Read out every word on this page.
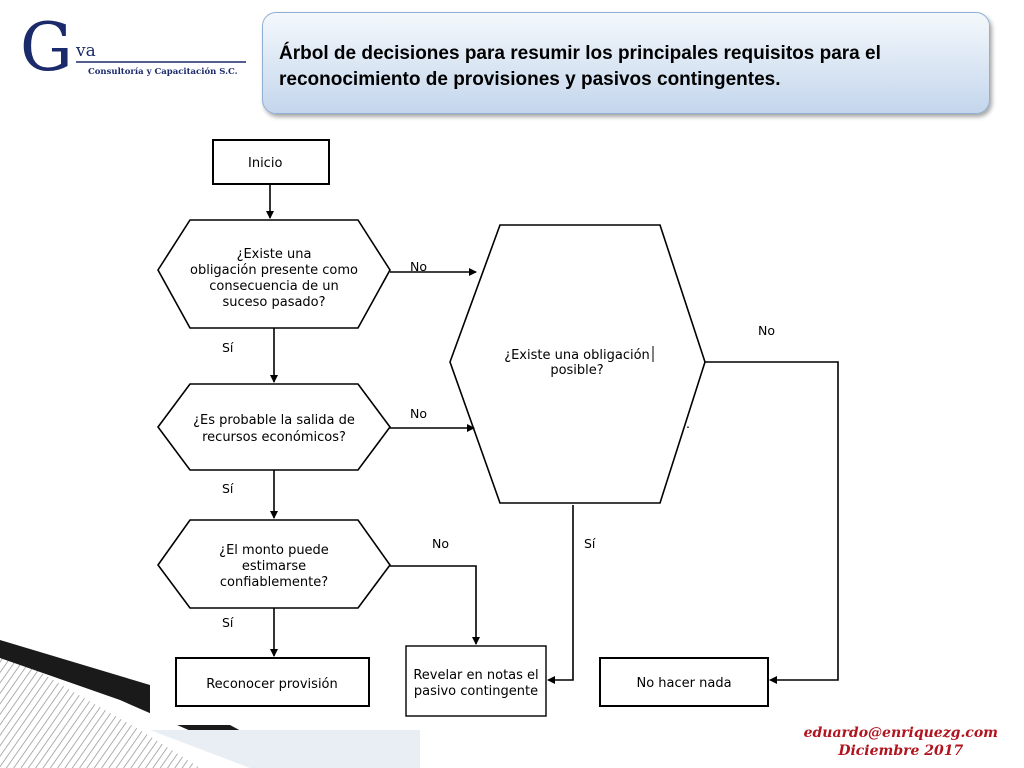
G va
Consultoría y Capacitación S.C.

Árbol de decisiones para resumir los principales requisitos para el reconocimiento de provisiones y pasivos contingentes.

Inicio
¿Existe una
obligación presente como
consecuencia de un
suceso pasado?
¿Es probable la salida de
recursos económicos?
¿El monto puede
estimarse
confiablemente?
¿Existe una obligación
posible?
.
Reconocer provisión
Revelar en notas el
pasivo contingente
No hacer nada
No
Sí
No
Sí
No
Sí
Sí
No
eduardo@enriquezg.com
Diciembre 2017
